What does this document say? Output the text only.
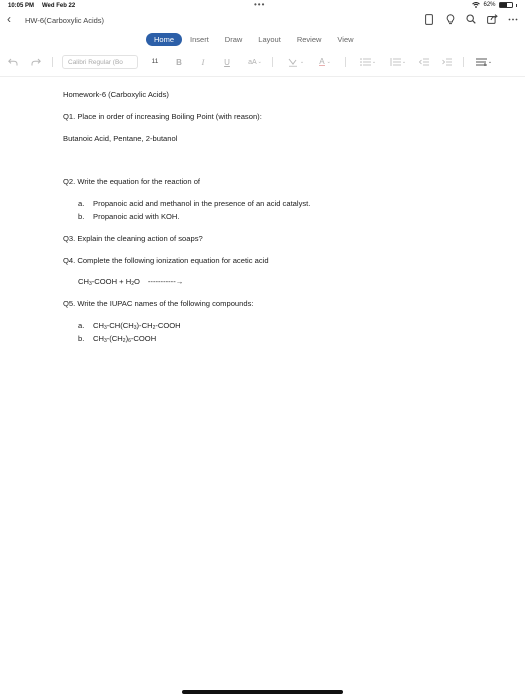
10:05 PM Wed Feb 22	•••	62%
‹ HW-6(Carboxylic Acids)
Home	Insert	Draw	Layout	Review	View
Calibri Regular (Bo	11	B	I	U	aA ⌄	⌄ A ⌄	⌄	⌄	⌄
Homework-6 (Carboxylic Acids)
Q1. Place in order of increasing Boiling Point (with reason):
Butanoic Acid, Pentane, 2-butanol
Q2. Write the equation for the reaction of
a. Propanoic acid and methanol in the presence of an acid catalyst.
b. Propanoic acid with KOH.
Q3. Explain the cleaning action of soaps?
Q4. Complete the following ionization equation for acetic acid
$CH_3$-COOH + $H_2O$ -----------→
Q5. Write the IUPAC names of the following compounds:
a. $CH_3-CH(CH_3)-CH_2$-COOH
b. $CH_3-(CH_2)_6$-COOH
